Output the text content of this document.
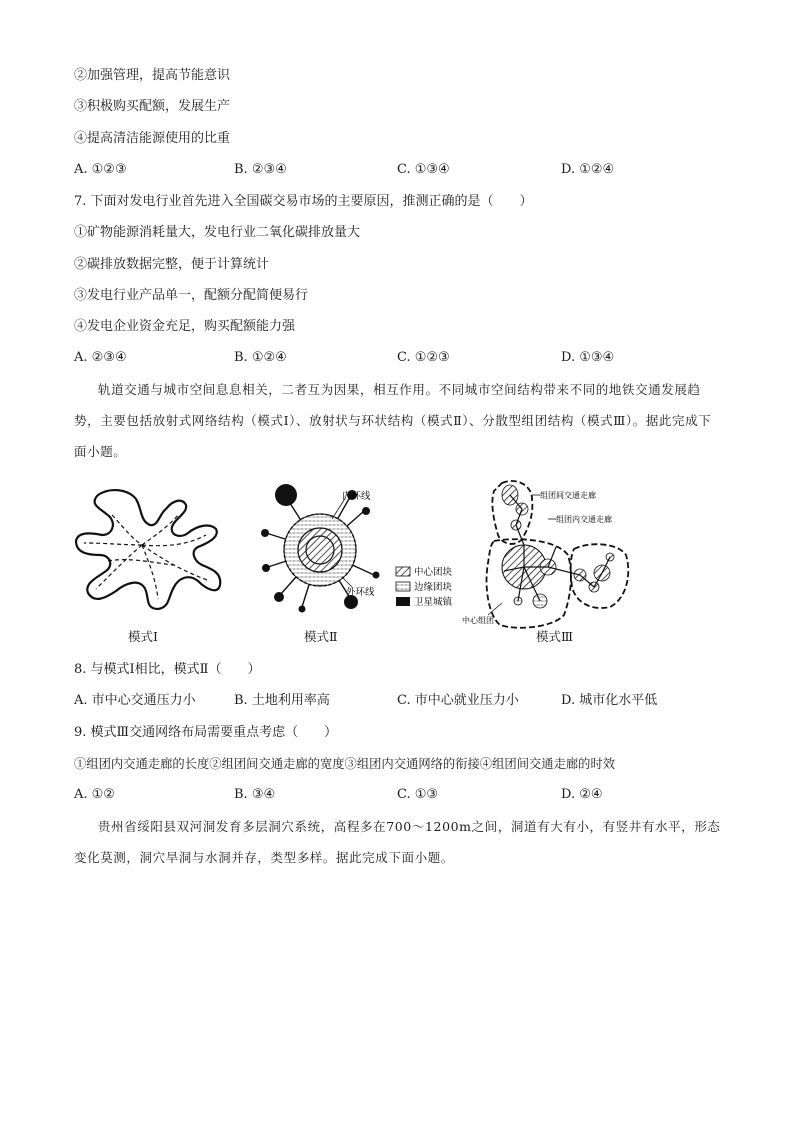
②加强管理，提高节能意识
③积极购买配额，发展生产
④提高清洁能源使用的比重
A. ①②③	B. ②③④	C. ①③④	D. ①②④
7. 下面对发电行业首先进入全国碳交易市场的主要原因，推测正确的是（　　）
①矿物能源消耗量大，发电行业二氧化碳排放量大
②碳排放数据完整，便于计算统计
③发电行业产品单一，配额分配简便易行
④发电企业资金充足，购买配额能力强
A. ②③④	B. ①②④	C. ①②③	D. ①③④
轨道交通与城市空间息息相关，二者互为因果，相互作用。不同城市空间结构带来不同的地铁交通发展趋势，主要包括放射式网络结构（模式Ⅰ）、放射状与环状结构（模式Ⅱ）、分散型组团结构（模式Ⅲ）。据此完成下面小题。
内环线
外环线
中心团块
边缘团块
卫星城镇
组团间交通走廊
组团内交通走廊
中心组团
模式Ⅰ	模式Ⅱ	模式Ⅲ
8. 与模式Ⅰ相比，模式Ⅱ（　　）
A. 市中心交通压力小	B. 土地利用率高	C. 市中心就业压力小	D. 城市化水平低
9. 模式Ⅲ交通网络布局需要重点考虑（　　）
①组团内交通走廊的长度②组团间交通走廊的宽度③组团内交通网络的衔接④组团间交通走廊的时效
A. ①②	B. ③④	C. ①③	D. ②④
贵州省绥阳县双河洞发育多层洞穴系统，高程多在700～1200m之间，洞道有大有小，有竖井有水平，形态变化莫测，洞穴旱洞与水洞并存，类型多样。据此完成下面小题。
